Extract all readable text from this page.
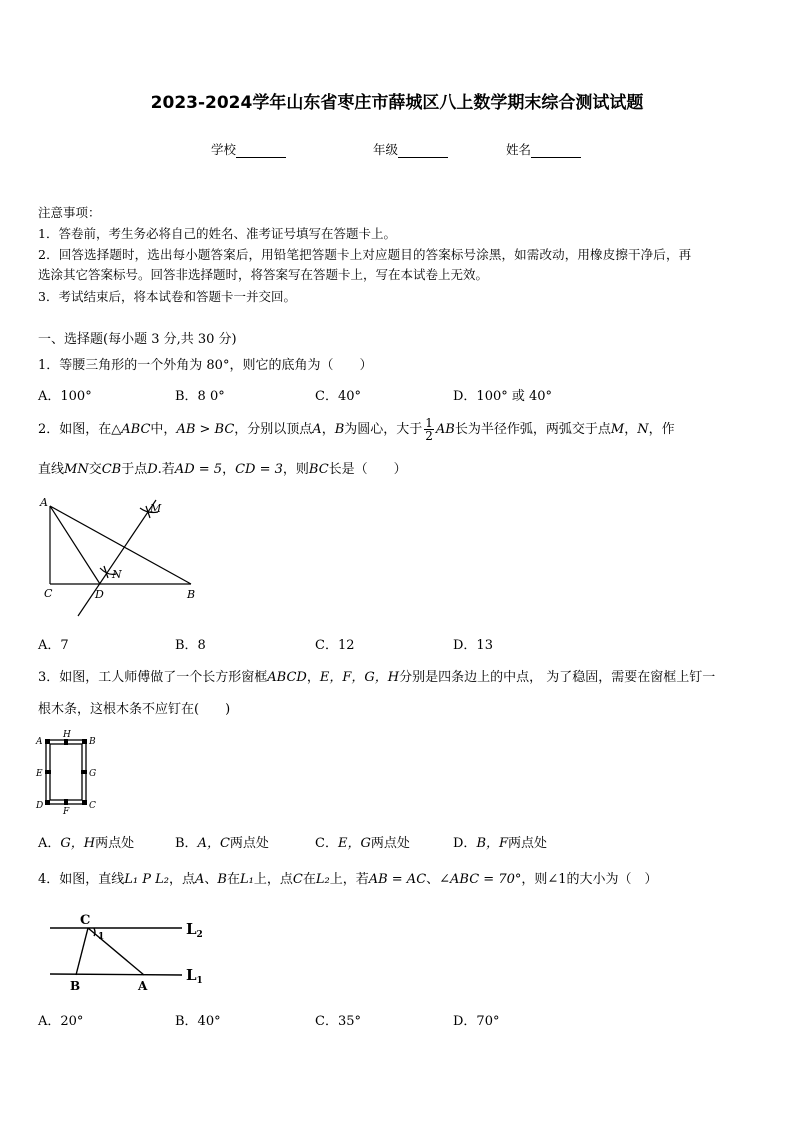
2023-2024学年山东省枣庄市薛城区八上数学期末综合测试试题
学校	年级	姓名
注意事项：
1．答卷前，考生务必将自己的姓名、准考证号填写在答题卡上。
2．回答选择题时，选出每小题答案后，用铅笔把答题卡上对应题目的答案标号涂黑，如需改动，用橡皮擦干净后，再
选涂其它答案标号。回答非选择题时，将答案写在答题卡上，写在本试卷上无效。
3．考试结束后，将本试卷和答题卡一并交回。
一、选择题(每小题 3 分,共 30 分)
1．等腰三角形的一个外角为 80°，则它的底角为（　　）
A．100°	B．8 0°	C．40°	D．100° 或 40°
2．如图，在△ABC中，AB > BC，分别以顶点A，B为圆心，大于 $\frac{1}{2}$ AB长为半径作弧，两弧交于点M，N，作
直线MN交CB于点D.若AD = 5，CD = 3，则BC长是（　　）
A
C	D	B
M
N
A．7	B．8	C．12	D．13
3．如图，工人师傅做了一个长方形窗框ABCD，E，F，G，H分别是四条边上的中点， 为了稳固，需要在窗框上钉一
根木条，这根木条不应钉在(　　)
A
H
B
E	G
D
F
C
A．G，H两点处	B．A，C两点处	C．E，G两点处	D．B，F两点处
4．如图，直线L₁ P L₂，点A、B在L₁上，点C在L₂上，若AB = AC、∠ABC = 70°，则∠1的大小为（　）
C	$L_2$
1
B	A
$L_1$
A．20°	B．40°	C．35°	D．70°
